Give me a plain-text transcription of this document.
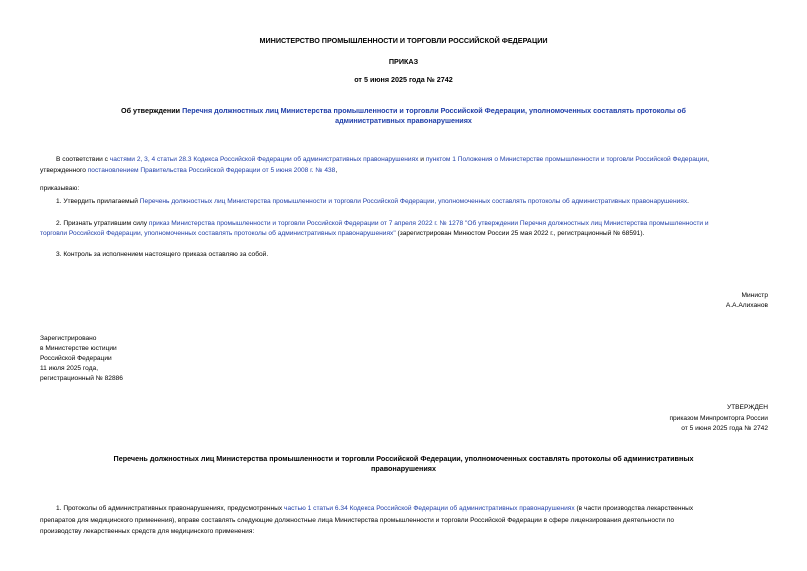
МИНИСТЕРСТВО ПРОМЫШЛЕННОСТИ И ТОРГОВЛИ РОССИЙСКОЙ ФЕДЕРАЦИИ
ПРИКАЗ
от 5 июня 2025 года № 2742
Об утверждении Перечня должностных лиц Министерства промышленности и торговли Российской Федерации, уполномоченных составлять протоколы об
административных правонарушениях
В соответствии с частями 2, 3, 4 статьи 28.3 Кодекса Российской Федерации об административных правонарушениях и пунктом 1 Положения о Министерстве промышленности и торговли Российской Федерации,
утвержденного постановлением Правительства Российской Федерации от 5 июня 2008 г. № 438,
приказываю:
1. Утвердить прилагаемый Перечень должностных лиц Министерства промышленности и торговли Российской Федерации, уполномоченных составлять протоколы об административных правонарушениях.
2. Признать утратившим силу приказ Министерства промышленности и торговли Российской Федерации от 7 апреля 2022 г. № 1278 "Об утверждении Перечня должностных лиц Министерства промышленности и
торговли Российской Федерации, уполномоченных составлять протоколы об административных правонарушениях" (зарегистрирован Минюстом России 25 мая 2022 г., регистрационный № 68591).
3. Контроль за исполнением настоящего приказа оставляю за собой.
Министр
А.А.Алиханов
Зарегистрировано
в Министерстве юстиции
Российской Федерации
11 июля 2025 года,
регистрационный № 82886
УТВЕРЖДЕН
приказом Минпромторга России
от 5 июня 2025 года № 2742
Перечень должностных лиц Министерства промышленности и торговли Российской Федерации, уполномоченных составлять протоколы об административных
правонарушениях
1. Протоколы об административных правонарушениях, предусмотренных частью 1 статьи 6.34 Кодекса Российской Федерации об административных правонарушениях (в части производства лекарственных
препаратов для медицинского применения), вправе составлять следующие должностные лица Министерства промышленности и торговли Российской Федерации в сфере лицензирования деятельности по
производству лекарственных средств для медицинского применения:
